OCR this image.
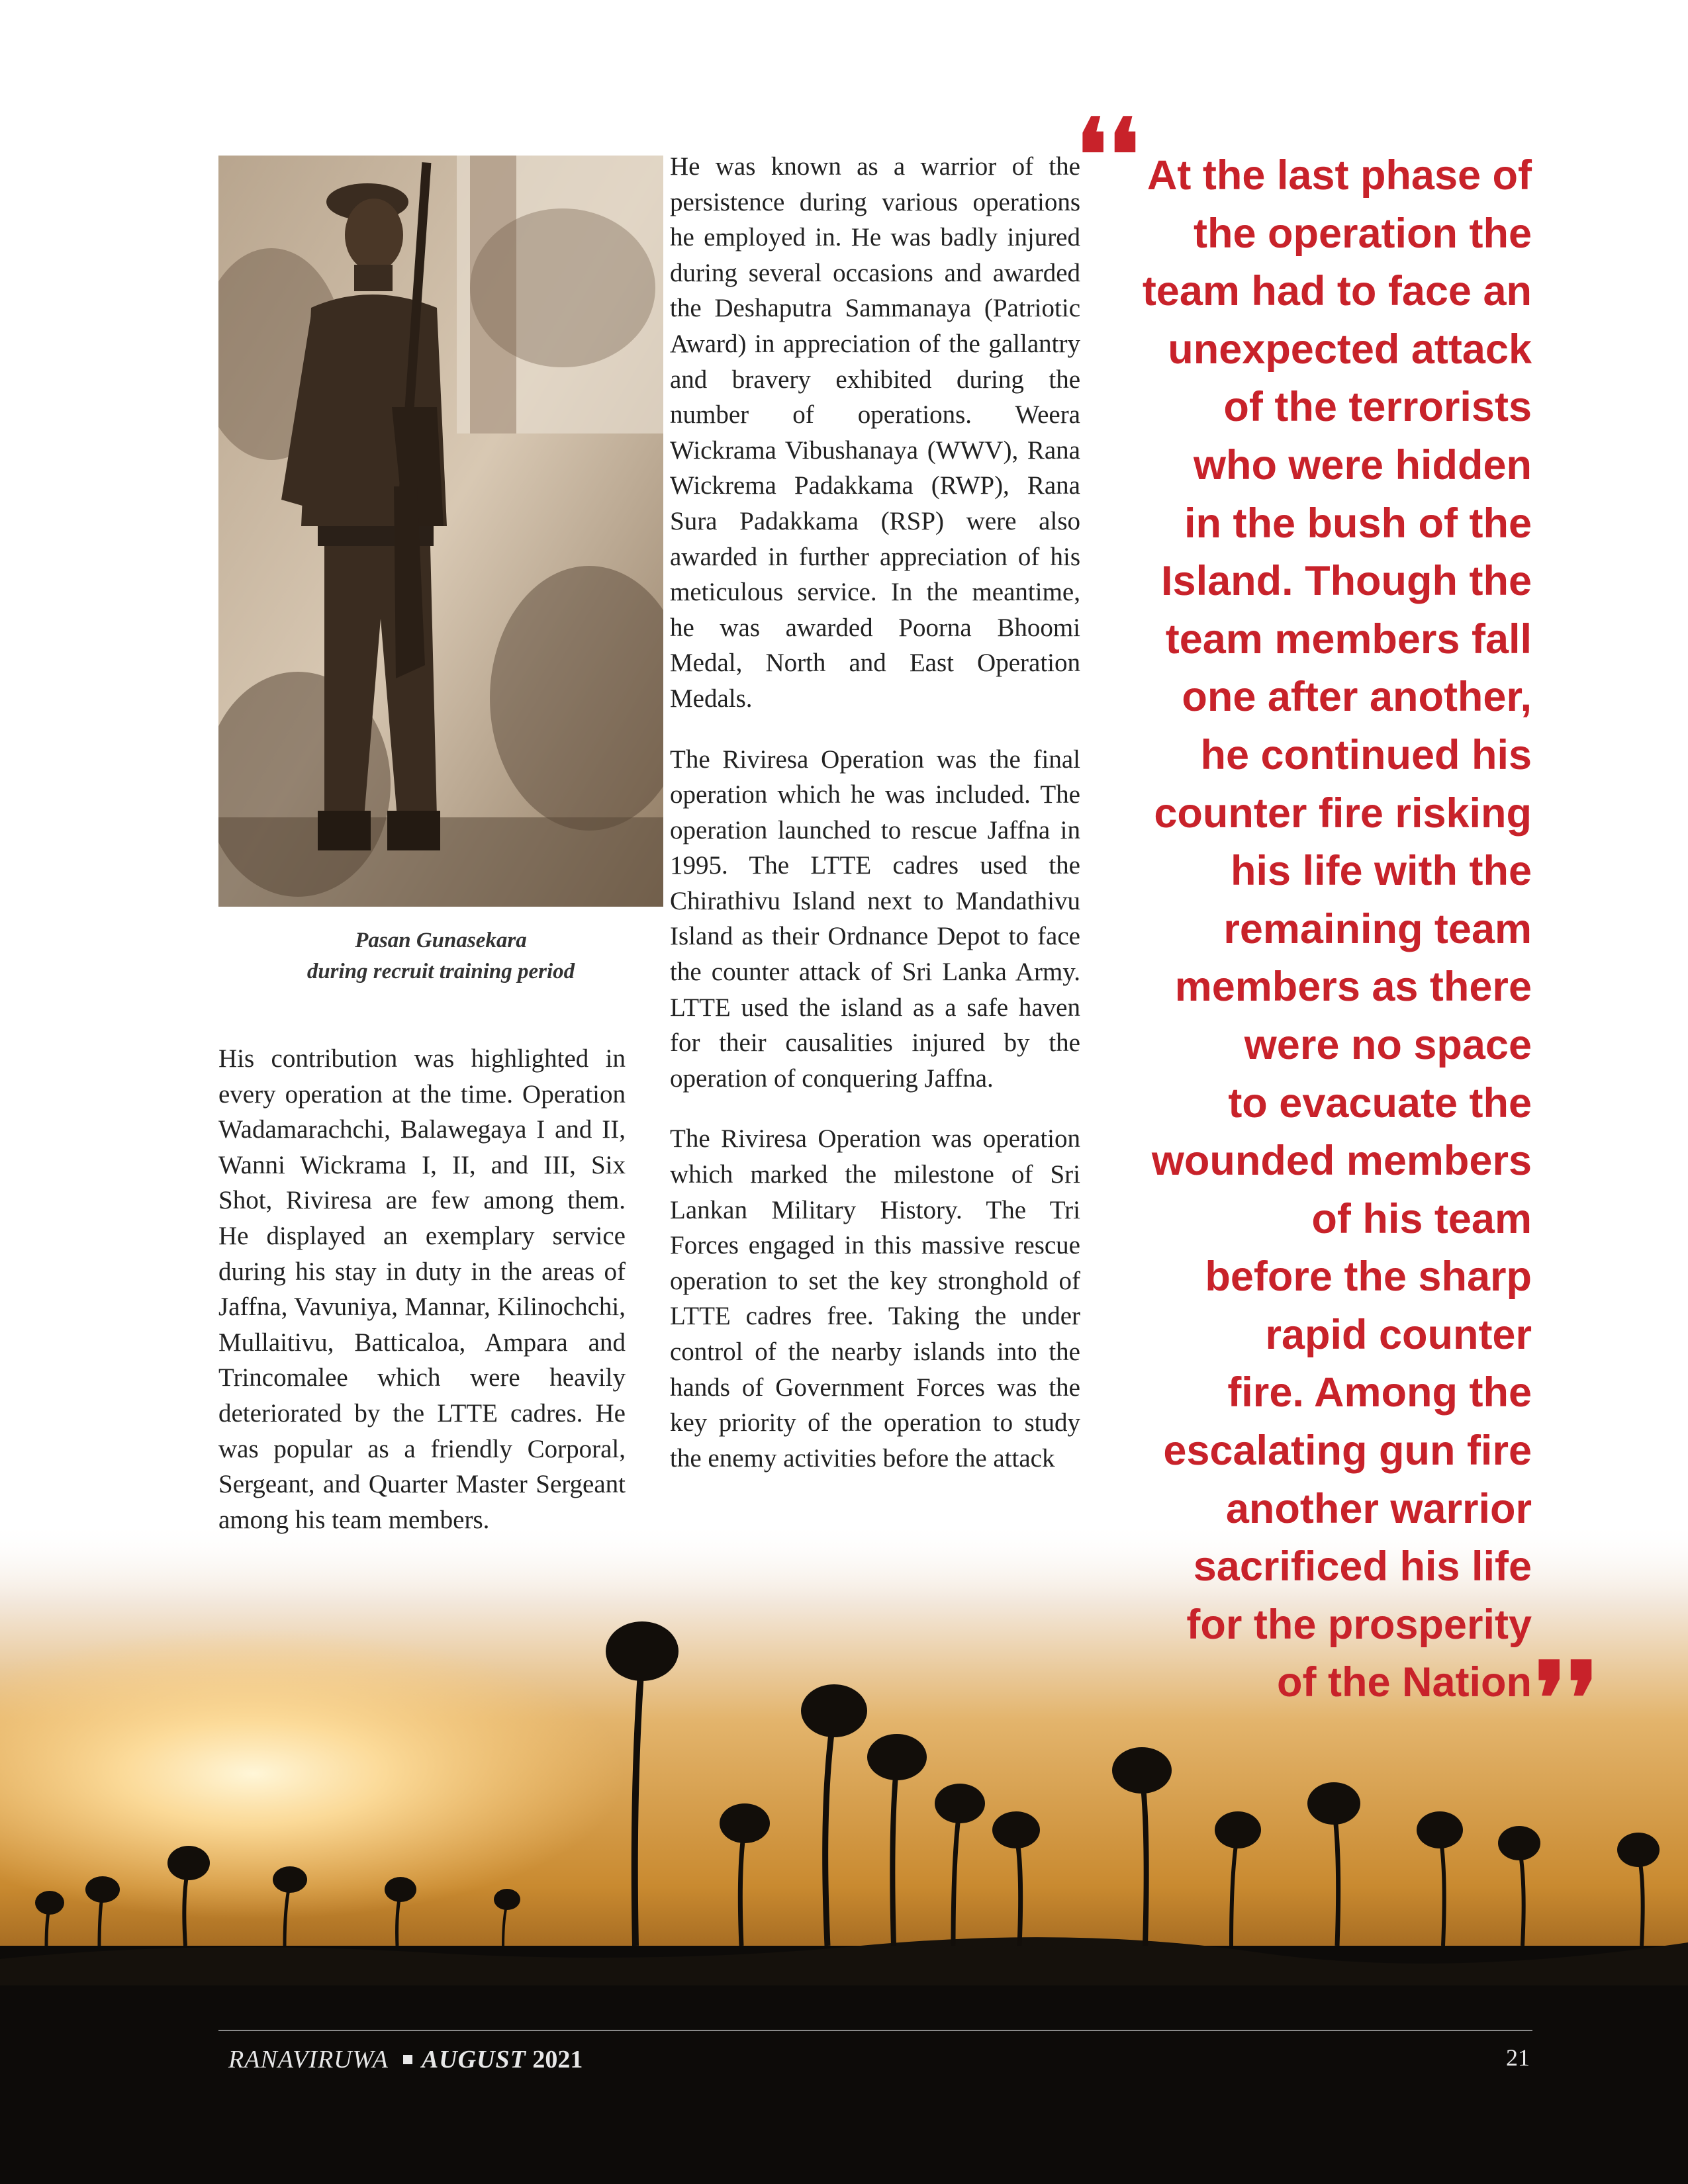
Pasan Gunasekara
during recruit training period

His contribution was highlighted in every operation at the time. Operation Wadamarachchi, Balawegaya I and II, Wanni Wickrama I, II, and III, Six Shot, Riviresa are few among them. He displayed an exemplary service during his stay in duty in the areas of Jaffna, Vavuniya, Mannar, Kilinochchi, Mullaitivu, Batticaloa, Ampara and Trincomalee which were heavily deteriorated by the LTTE cadres. He was popular as a friendly Corporal, Sergeant, and Quarter Master Sergeant among his team members.

He was known as a warrior of the persistence during various operations he employed in. He was badly injured during several occasions and awarded the Deshaputra Sammanaya (Patriotic Award) in appreciation of the gallantry and bravery exhibited during the number of operations. Weera Wickrama Vibushanaya (WWV), Rana Wickrema Padakkama (RWP), Rana Sura Padakkama (RSP) were also awarded in further appreciation of his meticulous service. In the meantime, he was awarded Poorna Bhoomi Medal, North and East Operation Medals.

The Riviresa Operation was the final operation which he was included. The operation launched to rescue Jaffna in 1995. The LTTE cadres used the Chirathivu Island next to Mandathivu Island as their Ordnance Depot to face the counter attack of Sri Lanka Army. LTTE used the island as a safe haven for their causalities injured by the operation of conquering Jaffna.

The Riviresa Operation was operation which marked the milestone of Sri Lankan Military History. The Tri Forces engaged in this massive rescue operation to set the key stronghold of LTTE cadres free. Taking the under control of the nearby islands into the hands of Government Forces was the key priority of the operation to study the enemy activities before the attack

❛❛ At the last phase of
the operation the
team had to face an
unexpected attack
of the terrorists
who were hidden
in the bush of the
Island. Though the
team members fall
one after another,
he continued his
counter fire risking
his life with the
remaining team
members as there
were no space
to evacuate the
wounded members
of his team
before the sharp
rapid counter
fire. Among the
escalating gun fire
another warrior
sacrificed his life
for the prosperity
of the Nation ❜❜
RANAVIRUWA AUGUST 2021	21
